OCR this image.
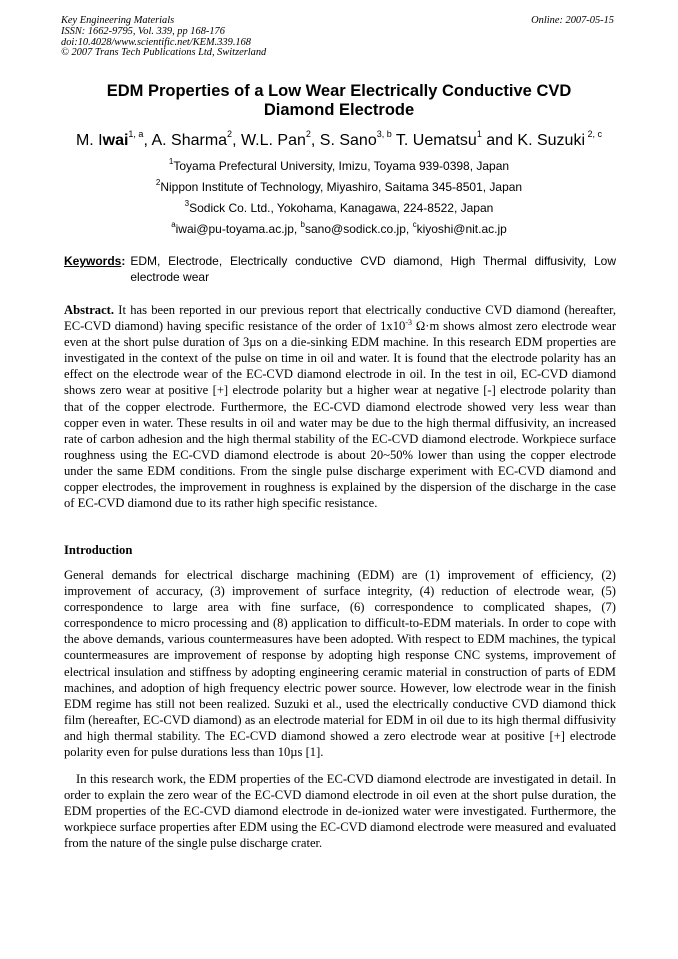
Key Engineering Materials
ISSN: 1662-9795, Vol. 339, pp 168-176
doi:10.4028/www.scientific.net/KEM.339.168
© 2007 Trans Tech Publications Ltd, Switzerland
Online: 2007-05-15
EDM Properties of a Low Wear Electrically Conductive CVD
Diamond Electrode
M. Iwai$^{1, a}$, A. Sharma$^2$, W.L. Pan$^2$, S. Sano$^{3, b}$ T. Uematsu$^1$ and K. Suzuki $^{2, c}$
$^1$Toyama Prefectural University, Imizu, Toyama 939-0398, Japan
$^2$Nippon Institute of Technology, Miyashiro, Saitama 345-8501, Japan
$^3$Sodick Co. Ltd., Yokohama, Kanagawa, 224-8522, Japan
$^a$iwai@pu-toyama.ac.jp, $^b$sano@sodick.co.jp, $^c$kiyoshi@nit.ac.jp
Keywords: EDM, Electrode, Electrically conductive CVD diamond, High Thermal diffusivity, Low electrode wear

Abstract. It has been reported in our previous report that electrically conductive CVD diamond (hereafter, EC-CVD diamond) having specific resistance of the order of $1x10^{-3}$ Ω·m shows almost zero electrode wear even at the short pulse duration of 3µs on a die-sinking EDM machine. In this research EDM properties are investigated in the context of the pulse on time in oil and water. It is found that the electrode polarity has an effect on the electrode wear of the EC-CVD diamond electrode in oil. In the test in oil, EC-CVD diamond shows zero wear at positive [+] electrode polarity but a higher wear at negative [-] electrode polarity than that of the copper electrode. Furthermore, the EC-CVD diamond electrode showed very less wear than copper even in water. These results in oil and water may be due to the high thermal diffusivity, an increased rate of carbon adhesion and the high thermal stability of the EC-CVD diamond electrode. Workpiece surface roughness using the EC-CVD diamond electrode is about 20~50% lower than using the copper electrode under the same EDM conditions. From the single pulse discharge experiment with EC-CVD diamond and copper electrodes, the improvement in roughness is explained by the dispersion of the discharge in the case of EC-CVD diamond due to its rather high specific resistance.

Introduction

General demands for electrical discharge machining (EDM) are (1) improvement of efficiency, (2) improvement of accuracy, (3) improvement of surface integrity, (4) reduction of electrode wear, (5) correspondence to large area with fine surface, (6) correspondence to complicated shapes, (7) correspondence to micro processing and (8) application to difficult-to-EDM materials. In order to cope with the above demands, various countermeasures have been adopted. With respect to EDM machines, the typical countermeasures are improvement of response by adopting high response CNC systems, improvement of electrical insulation and stiffness by adopting engineering ceramic material in construction of parts of EDM machines, and adoption of high frequency electric power source. However, low electrode wear in the finish EDM regime has still not been realized. Suzuki et al., used the electrically conductive CVD diamond thick film (hereafter, EC-CVD diamond) as an electrode material for EDM in oil due to its high thermal diffusivity and high thermal stability. The EC-CVD diamond showed a zero electrode wear at positive [+] electrode polarity even for pulse durations less than 10µs [1].

In this research work, the EDM properties of the EC-CVD diamond electrode are investigated in detail. In order to explain the zero wear of the EC-CVD diamond electrode in oil even at the short pulse duration, the EDM properties of the EC-CVD diamond electrode in de-ionized water were investigated. Furthermore, the workpiece surface properties after EDM using the EC-CVD diamond electrode were measured and evaluated from the nature of the single pulse discharge crater.
